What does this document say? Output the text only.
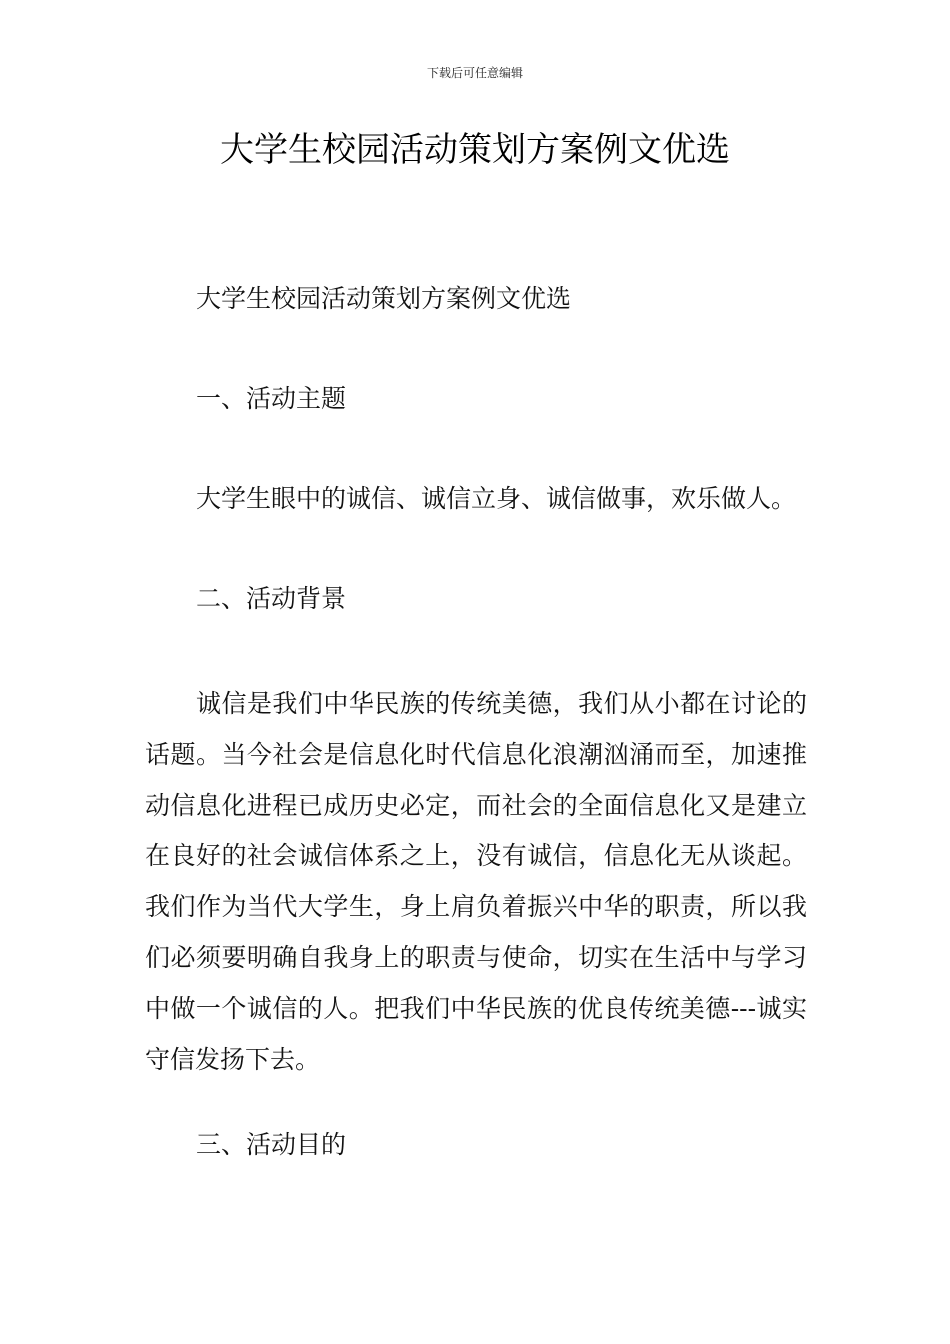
下载后可任意编辑
大学生校园活动策划方案例文优选

大学生校园活动策划方案例文优选

一、活动主题

大学生眼中的诚信、诚信立身、诚信做事，欢乐做人。

二、活动背景

诚信是我们中华民族的传统美德，我们从小都在讨论的话题。当今社会是信息化时代信息化浪潮汹涌而至，加速推动信息化进程已成历史必定，而社会的全面信息化又是建立在良好的社会诚信体系之上，没有诚信，信息化无从谈起。我们作为当代大学生，身上肩负着振兴中华的职责，所以我们必须要明确自我身上的职责与使命，切实在生活中与学习中做一个诚信的人。把我们中华民族的优良传统美德---诚实守信发扬下去。

三、活动目的
